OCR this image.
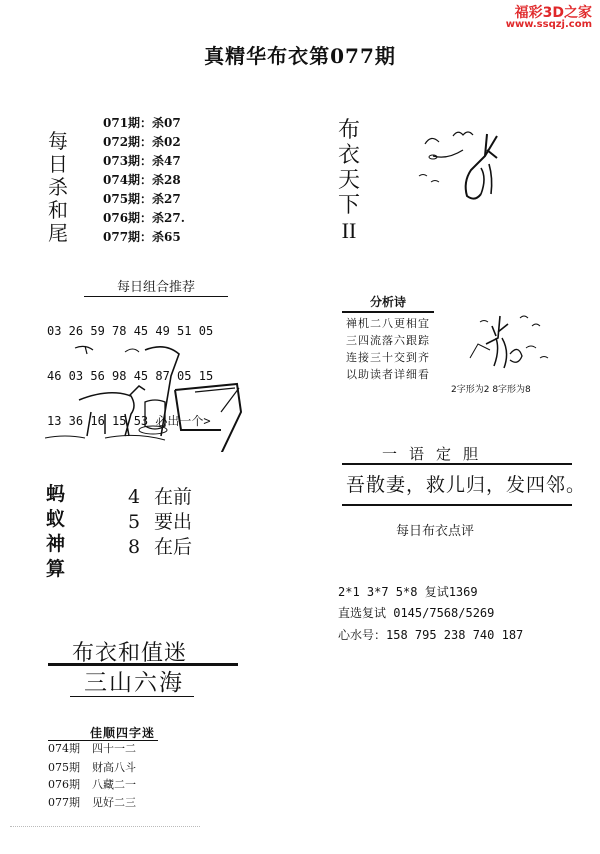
福彩3D之家
www.ssqzj.com
真精华布衣第077期
每
日
杀
和
尾
071期：杀07
072期：杀02
073期：杀47
074期：杀28
075期：杀27
076期：杀27.
077期：杀65
布
衣
天
下
II
每日组合推荐

03 26 59 78 45 49 51 05

46 03 56 98 45 87 05 15

13 36 16 15 53 必出一个>

分析诗
禅机二八更相宜
三四流落六跟踪
连接三十交到齐
以助读者详细看
2字形为2 8字形为8
蚂
蚁
神
算
4 在前
5 要出
8 在后
一语定胆
吾散妻，救儿归，发四邻。
每日布衣点评
2*1 3*7 5*8 复试1369
直选复试 0145/7568/5269
心水号：158 795 238 740 187
布衣和值迷
三山六海
佳顺四字迷
074期 四十一二
075期 财高八斗
076期 八藏二一
077期 见好二三
